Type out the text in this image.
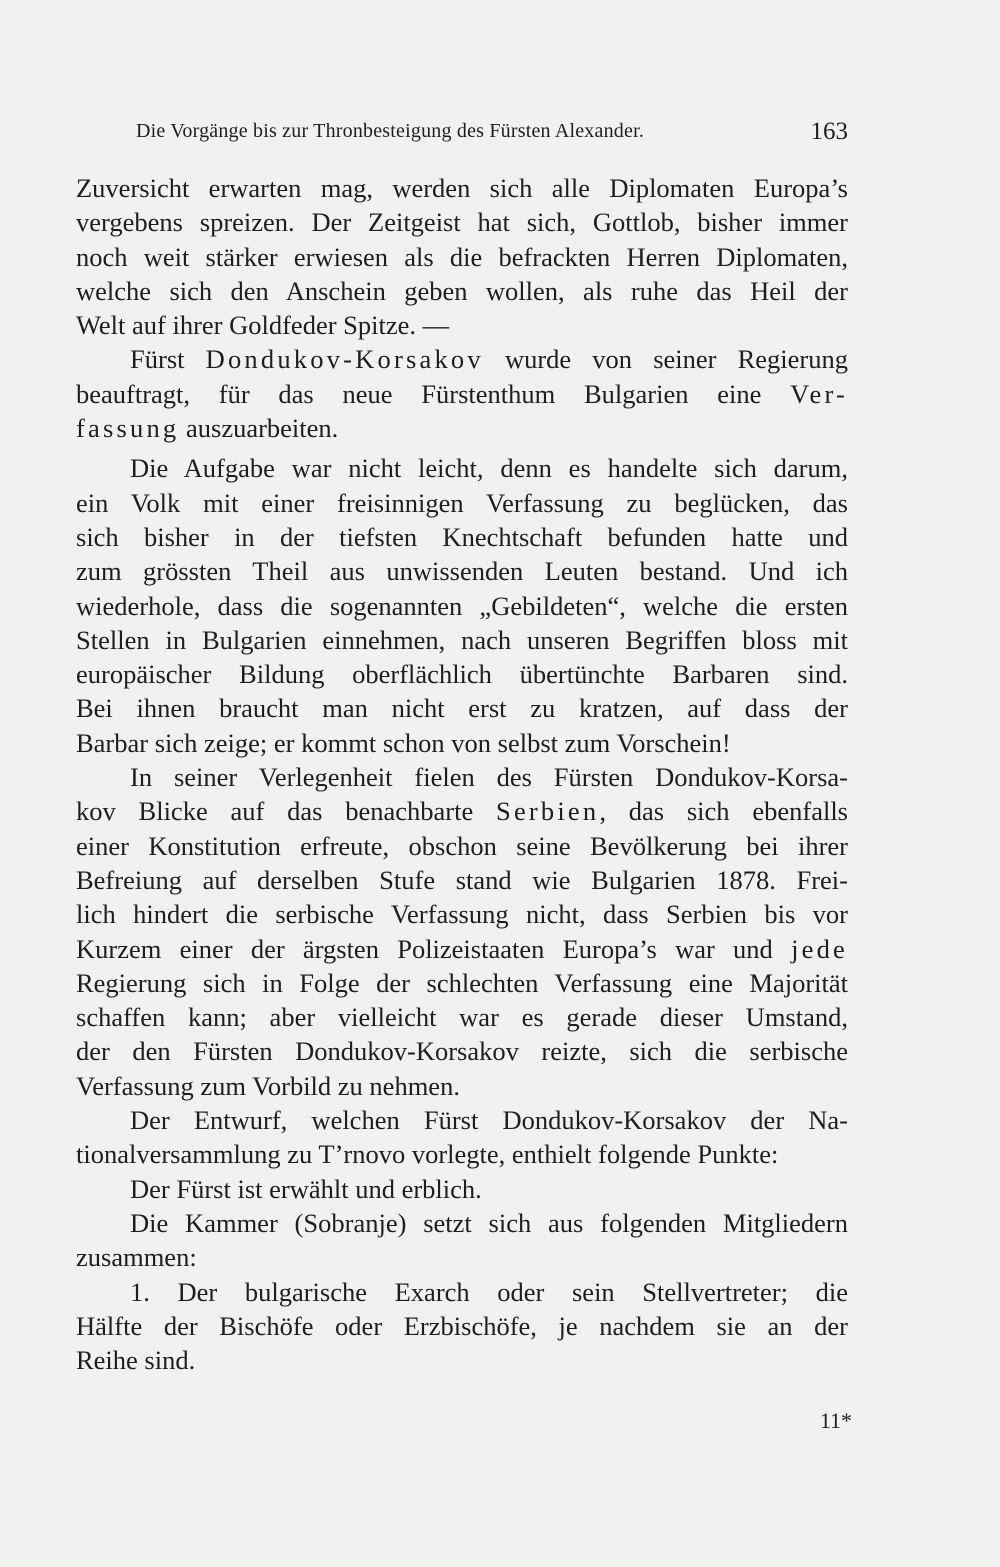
Die Vorgänge bis zur Thronbesteigung des Fürsten Alexander.	163
Zuversicht erwarten mag, werden sich alle Diplomaten Europa’s
vergebens spreizen. Der Zeitgeist hat sich, Gottlob, bisher immer
noch weit stärker erwiesen als die befrackten Herren Diplomaten,
welche sich den Anschein geben wollen, als ruhe das Heil der
Welt auf ihrer Goldfeder Spitze. —
Fürst Dondukov-Korsakov wurde von seiner Regierung
beauftragt, für das neue Fürstenthum Bulgarien eine Ver-
fassung auszuarbeiten.
Die Aufgabe war nicht leicht, denn es handelte sich darum,
ein Volk mit einer freisinnigen Verfassung zu beglücken, das
sich bisher in der tiefsten Knechtschaft befunden hatte und
zum grössten Theil aus unwissenden Leuten bestand. Und ich
wiederhole, dass die sogenannten „Gebildeten“, welche die ersten
Stellen in Bulgarien einnehmen, nach unseren Begriffen bloss mit
europäischer Bildung oberflächlich übertünchte Barbaren sind.
Bei ihnen braucht man nicht erst zu kratzen, auf dass der
Barbar sich zeige; er kommt schon von selbst zum Vorschein!
In seiner Verlegenheit fielen des Fürsten Dondukov-Korsa-
kov Blicke auf das benachbarte Serbien, das sich ebenfalls
einer Konstitution erfreute, obschon seine Bevölkerung bei ihrer
Befreiung auf derselben Stufe stand wie Bulgarien 1878. Frei-
lich hindert die serbische Verfassung nicht, dass Serbien bis vor
Kurzem einer der ärgsten Polizeistaaten Europa’s war und jede
Regierung sich in Folge der schlechten Verfassung eine Majorität
schaffen kann; aber vielleicht war es gerade dieser Umstand,
der den Fürsten Dondukov-Korsakov reizte, sich die serbische
Verfassung zum Vorbild zu nehmen.
Der Entwurf, welchen Fürst Dondukov-Korsakov der Na-
tionalversammlung zu T’rnovo vorlegte, enthielt folgende Punkte:
Der Fürst ist erwählt und erblich.
Die Kammer (Sobranje) setzt sich aus folgenden Mitgliedern
zusammen:
1. Der bulgarische Exarch oder sein Stellvertreter; die
Hälfte der Bischöfe oder Erzbischöfe, je nachdem sie an der
Reihe sind.
11*
